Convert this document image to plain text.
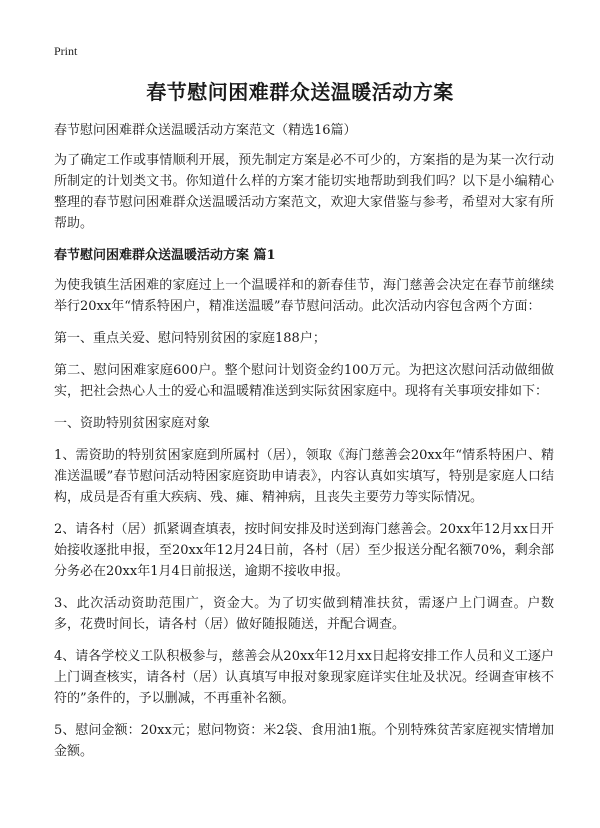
Print
春节慰问困难群众送温暖活动方案

春节慰问困难群众送温暖活动方案范文（精选16篇）

为了确定工作或事情顺利开展，预先制定方案是必不可少的，方案指的是为某一次行动所制定的计划类文书。你知道什么样的方案才能切实地帮助到我们吗？以下是小编精心整理的春节慰问困难群众送温暖活动方案范文，欢迎大家借鉴与参考，希望对大家有所帮助。

春节慰问困难群众送温暖活动方案 篇1

为使我镇生活困难的家庭过上一个温暖祥和的新春佳节，海门慈善会决定在春节前继续举行20xx年“情系特困户，精准送温暖”春节慰问活动。此次活动内容包含两个方面：

第一、重点关爱、慰问特别贫困的家庭188户；

第二、慰问困难家庭600户。整个慰问计划资金约100万元。为把这次慰问活动做细做实，把社会热心人士的爱心和温暖精准送到实际贫困家庭中。现将有关事项安排如下：

一、资助特别贫困家庭对象

1、需资助的特别贫困家庭到所属村（居），领取《海门慈善会20xx年“情系特困户、精准送温暖”春节慰问活动特困家庭资助申请表》，内容认真如实填写，特别是家庭人口结构，成员是否有重大疾病、残、瘫、精神病，且丧失主要劳力等实际情况。

2、请各村（居）抓紧调查填表，按时间安排及时送到海门慈善会。20xx年12月xx日开始接收逐批申报，至20xx年12月24日前，各村（居）至少报送分配名额70%，剩余部分务必在20xx年1月4日前报送，逾期不接收申报。

3、此次活动资助范围广，资金大。为了切实做到精准扶贫，需逐户上门调查。户数多，花费时间长，请各村（居）做好随报随送，并配合调查。

4、请各学校义工队积极参与，慈善会从20xx年12月xx日起将安排工作人员和义工逐户上门调查核实，请各村（居）认真填写申报对象现家庭详实住址及状况。经调查审核不符的”条件的，予以删减，不再重补名额。

5、慰问金额：20xx元；慰问物资：米2袋、食用油1瓶。个别特殊贫苦家庭视实情增加金额。
